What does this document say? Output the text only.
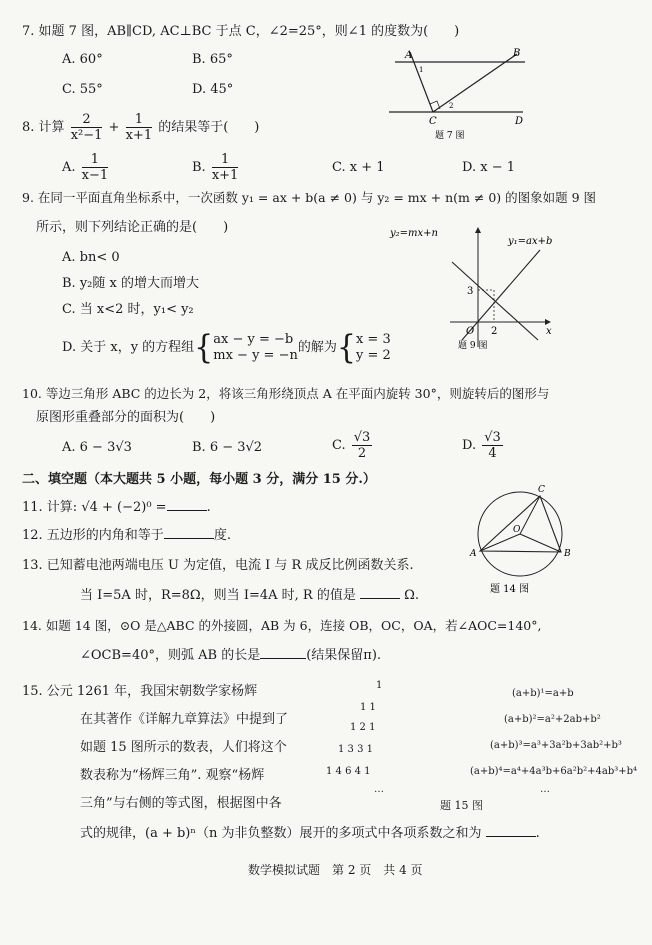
7. 如题 7 图，AB∥CD, AC⊥BC 于点 C，∠2=25°，则∠1 的度数为(　　)
A. 60°	B. 65°
C. 55°	D. 45°
A	B
C	D
1
2
题 7 图
8. 计算 $\frac{2}{\text{x²−1}} + \frac{1}{x+1}$ 的结果等于(　　)
A. $\frac{1}{x-1}$	B. $\frac{1}{x+1}$	C. x + 1	D. x − 1
9. 在同一平面直角坐标系中，一次函数 y₁ = ax + b(a ≠ 0) 与 y₂ = mx + n(m ≠ 0) 的图象如题 9 图
所示，则下列结论正确的是(　　)
A. bn< 0
B. y₂随 x 的增大而增大
C. 当 x<2 时，y₁< y₂
D. 关于 x，y 的方程组{ ax − y = −b
mx − y = −n 的解为{ x = 3
y = 2
y₂=mx+n
y₁=ax+b
3
2
O	x
题 9 图
10. 等边三角形 ABC 的边长为 2，将该三角形绕顶点 A 在平面内旋转 30°，则旋转后的图形与
原图形重叠部分的面积为(　　)
A. 6 − 3√3	B. 6 − 3√2	C. $\frac{√3}{2}$	D. $\frac{√3}{4}$
二、填空题（本大题共 5 小题，每小题 3 分，满分 15 分.）
11. 计算: √4 + (−2)⁰ =	.
12. 五边形的内角和等于	度.
13. 已知蓄电池两端电压 U 为定值，电流 I 与 R 成反比例函数关系.
当 I=5A 时，R=8Ω，则当 I=4A 时, R 的值是	Ω.
A	B
C
O
题 14 图
14. 如题 14 图，⊙O 是△ABC 的外接圆，AB 为 6，连接 OB，OC，OA，若∠AOC=140°,
∠OCB=40°，则弧 AB 的长是	(结果保留π).
15. 公元 1261 年，我国宋朝数学家杨辉
在其著作《详解九章算法》中提到了
如题 15 图所示的数表，人们将这个
数表称为“杨辉三角”. 观察“杨辉
三角”与右侧的等式图，根据图中各
式的规律，(a + b)ⁿ（n 为非负整数）展开的多项式中各项系数之和为	.
1
1 1
1 2 1
1 3 3 1
1 4 6 4 1
…
(a+b)¹=a+b
(a+b)²=a²+2ab+b²
(a+b)³=a³+3a²b+3ab²+b³
(a+b)⁴=a⁴+4a³b+6a²b²+4ab³+b⁴
…
题 15 图
数学模拟试题　第 2 页　共 4 页
